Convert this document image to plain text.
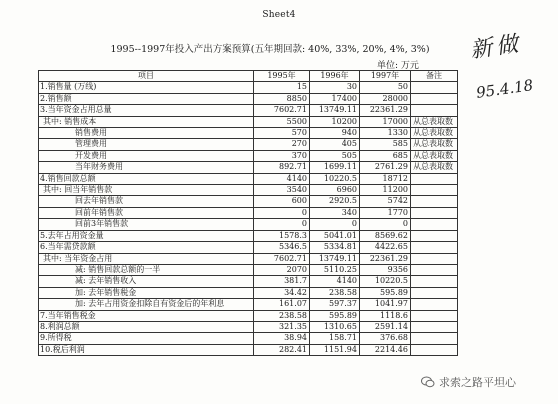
Sheet4
1995--1997年投入产出方案预算(五年期回款: 40%, 33%, 20%, 4%, 3%)
单位: 万元
新做
95.4.18
项目	1995年	1996年	1997年	备注
1.销售量 (万线)	15	30	50	
2.销售额	8850	17400	28000	
3.当年资金占用总量	7602.71	13749.11	22361.29	
其中: 销售成本	5500	10200	17000	从总表取数
销售费用	570	940	1330	从总表取数
管理费用	270	405	585	从总表取数
开发费用	370	505	685	从总表取数
当年财务费用	892.71	1699.11	2761.29	从总表取数
4.销售回款总额	4140	10220.5	18712	
其中: 回当年销售款	3540	6960	11200	
回去年销售款	600	2920.5	5742	
回前年销售款	0	340	1770	
回前3年销售款	0	0	0	
5.去年占用资金量	1578.3	5041.01	8569.62	
6.当年需贷款额	5346.5	5334.81	4422.65	
其中: 当年资金占用	7602.71	13749.11	22361.29	
减: 销售回款总额的一半	2070	5110.25	9356	
减: 去年销售收入	381.7	4140	10220.5	
加: 去年销售税金	34.42	238.58	595.89	
加: 去年占用资金扣除自有资金后的年利息	161.07	597.37	1041.97	
7.当年销售税金	238.58	595.89	1118.6	
8.利润总额	321.35	1310.65	2591.14	
9.所得税	38.94	158.71	376.68	
10.税后利润	282.41	1151.94	2214.46	
求索之路平坦心
